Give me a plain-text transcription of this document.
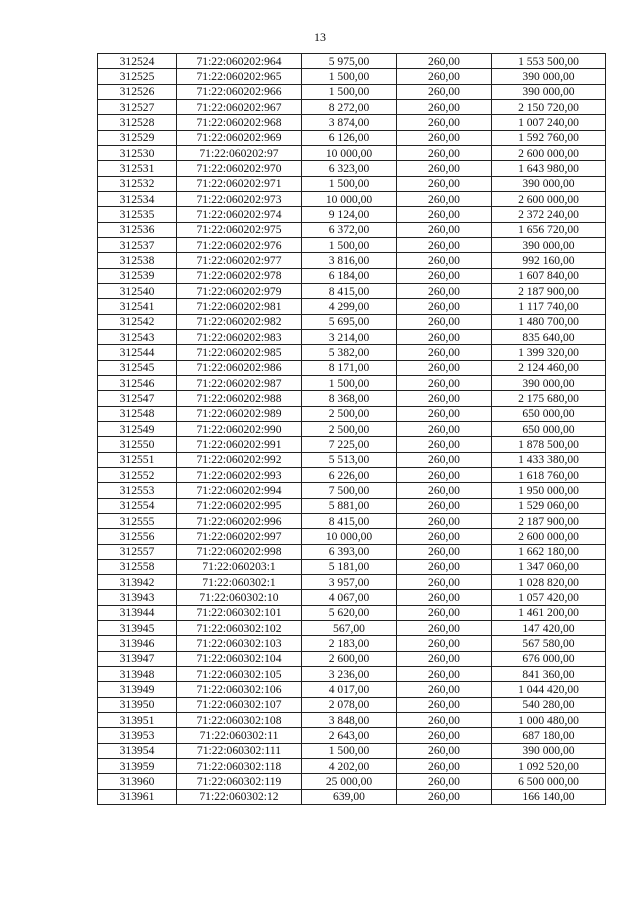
13
312524	71:22:060202:964	5 975,00	260,00	1 553 500,00
312525	71:22:060202:965	1 500,00	260,00	390 000,00
312526	71:22:060202:966	1 500,00	260,00	390 000,00
312527	71:22:060202:967	8 272,00	260,00	2 150 720,00
312528	71:22:060202:968	3 874,00	260,00	1 007 240,00
312529	71:22:060202:969	6 126,00	260,00	1 592 760,00
312530	71:22:060202:97	10 000,00	260,00	2 600 000,00
312531	71:22:060202:970	6 323,00	260,00	1 643 980,00
312532	71:22:060202:971	1 500,00	260,00	390 000,00
312534	71:22:060202:973	10 000,00	260,00	2 600 000,00
312535	71:22:060202:974	9 124,00	260,00	2 372 240,00
312536	71:22:060202:975	6 372,00	260,00	1 656 720,00
312537	71:22:060202:976	1 500,00	260,00	390 000,00
312538	71:22:060202:977	3 816,00	260,00	992 160,00
312539	71:22:060202:978	6 184,00	260,00	1 607 840,00
312540	71:22:060202:979	8 415,00	260,00	2 187 900,00
312541	71:22:060202:981	4 299,00	260,00	1 117 740,00
312542	71:22:060202:982	5 695,00	260,00	1 480 700,00
312543	71:22:060202:983	3 214,00	260,00	835 640,00
312544	71:22:060202:985	5 382,00	260,00	1 399 320,00
312545	71:22:060202:986	8 171,00	260,00	2 124 460,00
312546	71:22:060202:987	1 500,00	260,00	390 000,00
312547	71:22:060202:988	8 368,00	260,00	2 175 680,00
312548	71:22:060202:989	2 500,00	260,00	650 000,00
312549	71:22:060202:990	2 500,00	260,00	650 000,00
312550	71:22:060202:991	7 225,00	260,00	1 878 500,00
312551	71:22:060202:992	5 513,00	260,00	1 433 380,00
312552	71:22:060202:993	6 226,00	260,00	1 618 760,00
312553	71:22:060202:994	7 500,00	260,00	1 950 000,00
312554	71:22:060202:995	5 881,00	260,00	1 529 060,00
312555	71:22:060202:996	8 415,00	260,00	2 187 900,00
312556	71:22:060202:997	10 000,00	260,00	2 600 000,00
312557	71:22:060202:998	6 393,00	260,00	1 662 180,00
312558	71:22:060203:1	5 181,00	260,00	1 347 060,00
313942	71:22:060302:1	3 957,00	260,00	1 028 820,00
313943	71:22:060302:10	4 067,00	260,00	1 057 420,00
313944	71:22:060302:101	5 620,00	260,00	1 461 200,00
313945	71:22:060302:102	567,00	260,00	147 420,00
313946	71:22:060302:103	2 183,00	260,00	567 580,00
313947	71:22:060302:104	2 600,00	260,00	676 000,00
313948	71:22:060302:105	3 236,00	260,00	841 360,00
313949	71:22:060302:106	4 017,00	260,00	1 044 420,00
313950	71:22:060302:107	2 078,00	260,00	540 280,00
313951	71:22:060302:108	3 848,00	260,00	1 000 480,00
313953	71:22:060302:11	2 643,00	260,00	687 180,00
313954	71:22:060302:111	1 500,00	260,00	390 000,00
313959	71:22:060302:118	4 202,00	260,00	1 092 520,00
313960	71:22:060302:119	25 000,00	260,00	6 500 000,00
313961	71:22:060302:12	639,00	260,00	166 140,00
